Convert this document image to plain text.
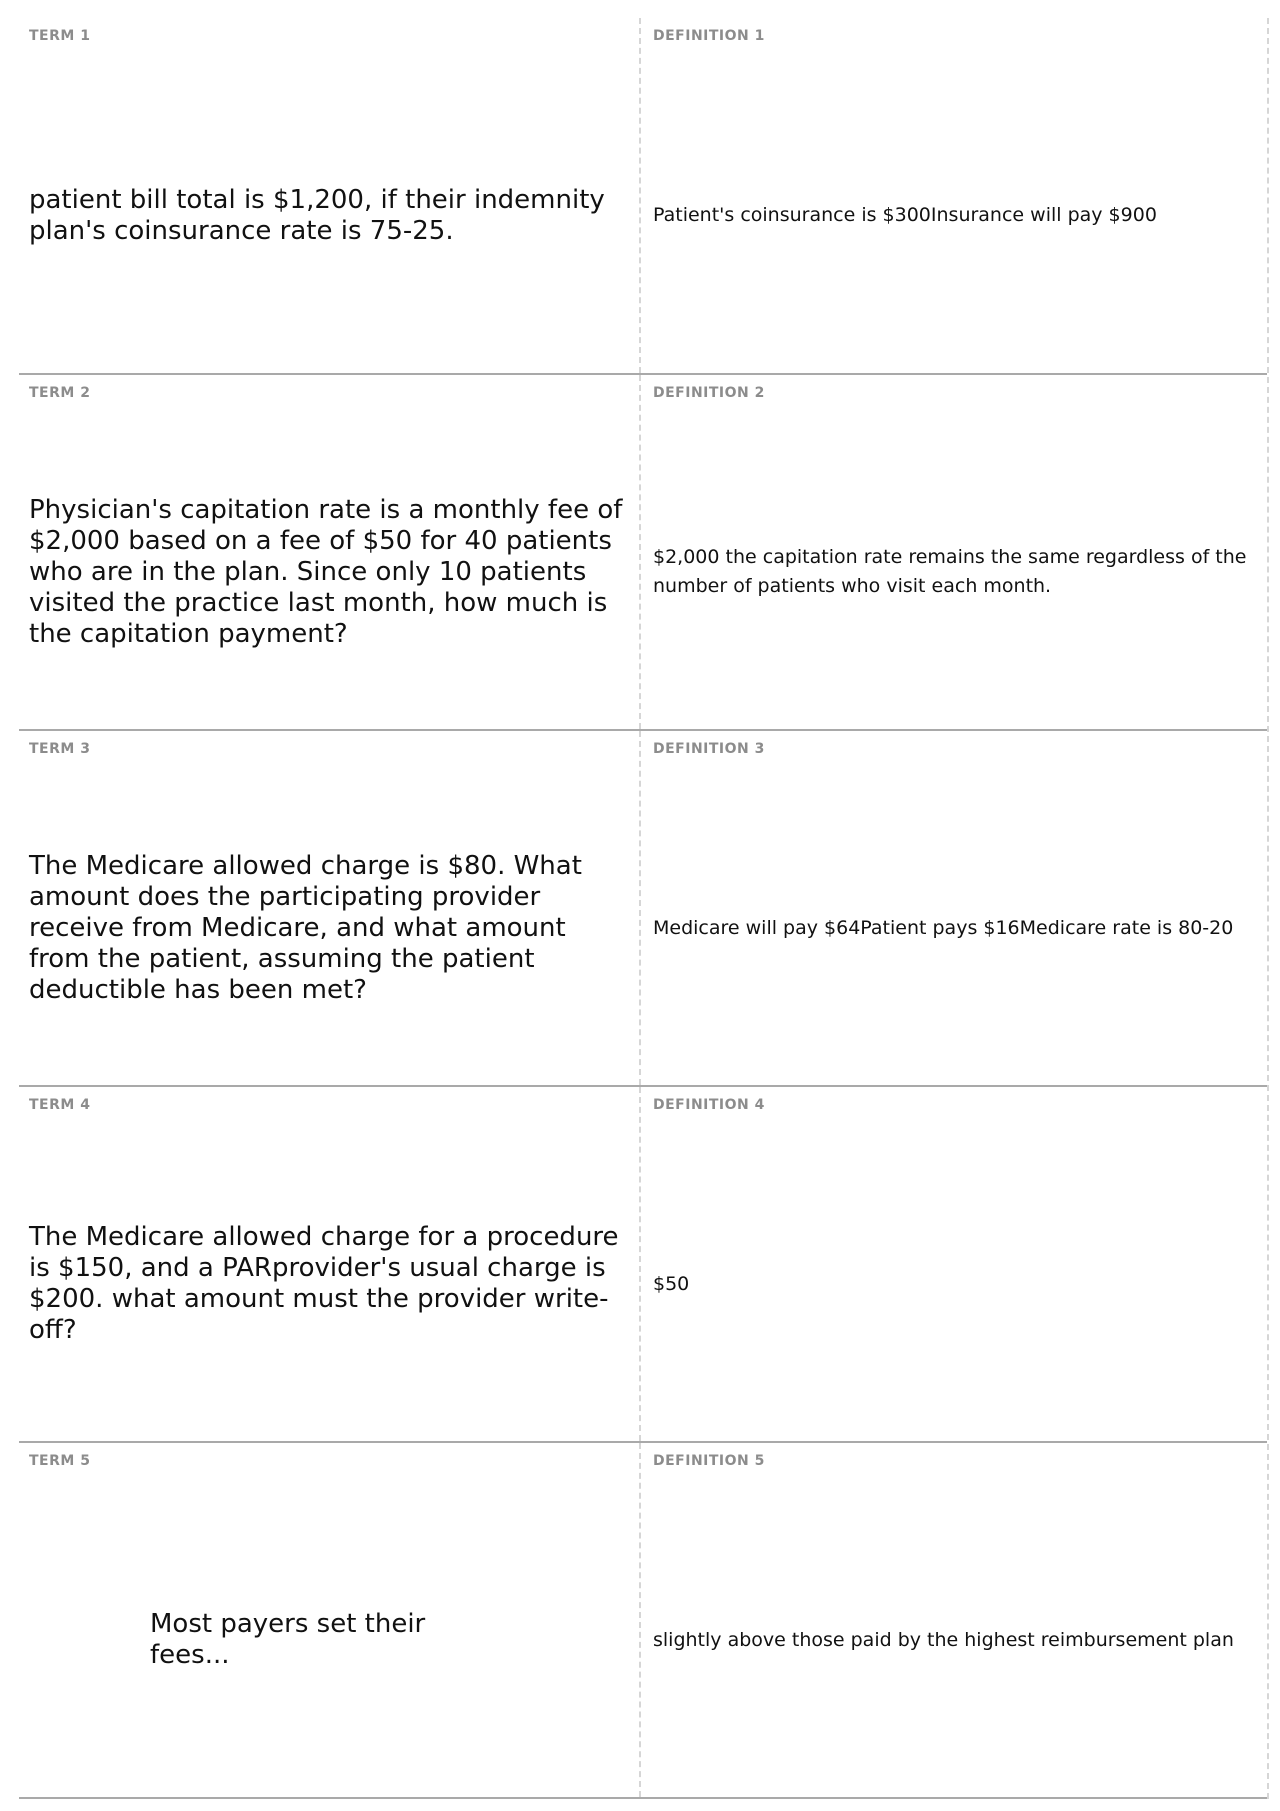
TERM 1
patient bill total is $1,200, if their indemnity plan's coinsurance rate is 75-25.
DEFINITION 1
Patient's coinsurance is $300Insurance will pay $900
TERM 2
Physician's capitation rate is a monthly fee of $2,000 based on a fee of $50 for 40 patients who are in the plan. Since only 10 patients visited the practice last month, how much is the capitation payment?
DEFINITION 2
$2,000 the capitation rate remains the same regardless of the number of patients who visit each month.
TERM 3
The Medicare allowed charge is $80. What amount does the participating provider receive from Medicare, and what amount from the patient, assuming the patient deductible has been met?
DEFINITION 3
Medicare will pay $64Patient pays $16Medicare rate is 80-20
TERM 4
The Medicare allowed charge for a procedure is $150, and a PARprovider's usual charge is $200. what amount must the provider write-off?
DEFINITION 4
$50
TERM 5
Most payers set their fees...
DEFINITION 5
slightly above those paid by the highest reimbursement plan
